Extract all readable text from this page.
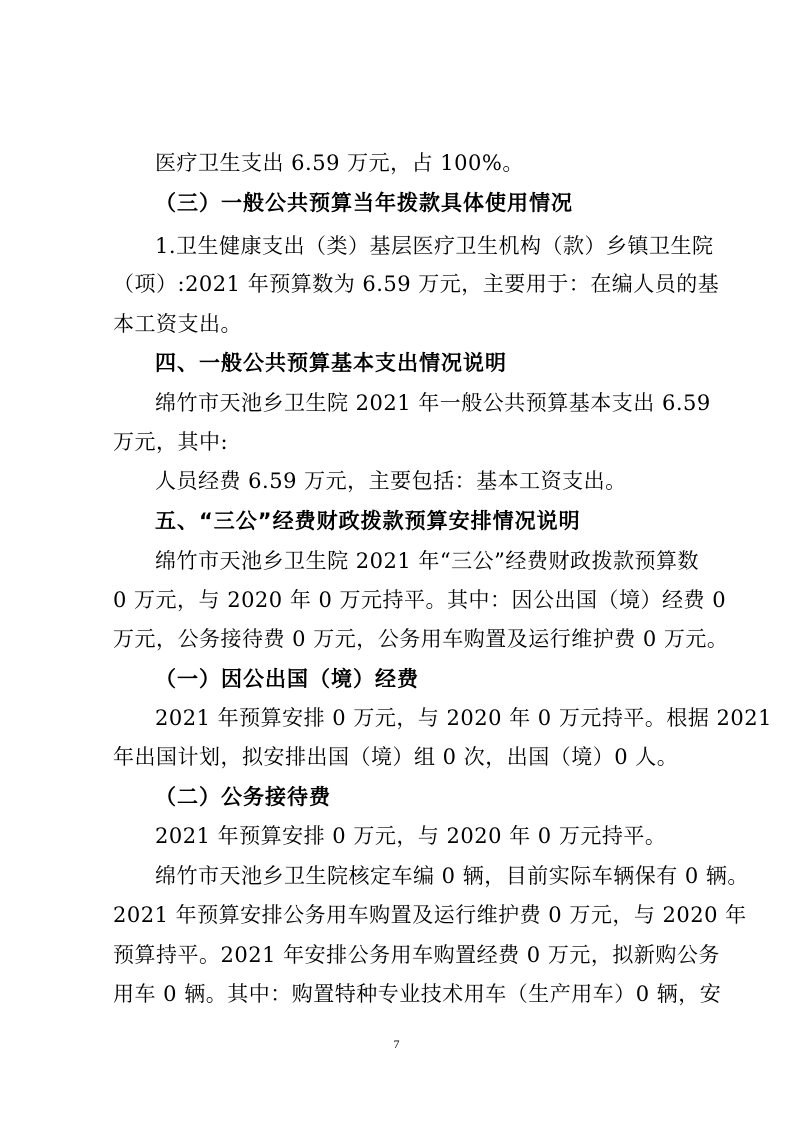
医疗卫生支出 6.59 万元，占 100%。
（三）一般公共预算当年拨款具体使用情况
1.卫生健康支出（类）基层医疗卫生机构（款）乡镇卫生院
（项）:2021 年预算数为 6.59 万元，主要用于：在编人员的基
本工资支出。
四、一般公共预算基本支出情况说明
绵竹市天池乡卫生院 2021 年一般公共预算基本支出 6.59
万元，其中:
人员经费 6.59 万元，主要包括：基本工资支出。
五、“三公”经费财政拨款预算安排情况说明
绵竹市天池乡卫生院 2021 年“三公”经费财政拨款预算数
0 万元，与 2020 年 0 万元持平。其中：因公出国（境）经费 0
万元，公务接待费 0 万元，公务用车购置及运行维护费 0 万元。
（一）因公出国（境）经费
2021 年预算安排 0 万元，与 2020 年 0 万元持平。根据 2021
年出国计划，拟安排出国（境）组 0 次，出国（境）0 人。
（二）公务接待费
2021 年预算安排 0 万元，与 2020 年 0 万元持平。
绵竹市天池乡卫生院核定车编 0 辆，目前实际车辆保有 0 辆。
2021 年预算安排公务用车购置及运行维护费 0 万元，与 2020 年
预算持平。2021 年安排公务用车购置经费 0 万元，拟新购公务
用车 0 辆。其中：购置特种专业技术用车（生产用车）0 辆，安
7
